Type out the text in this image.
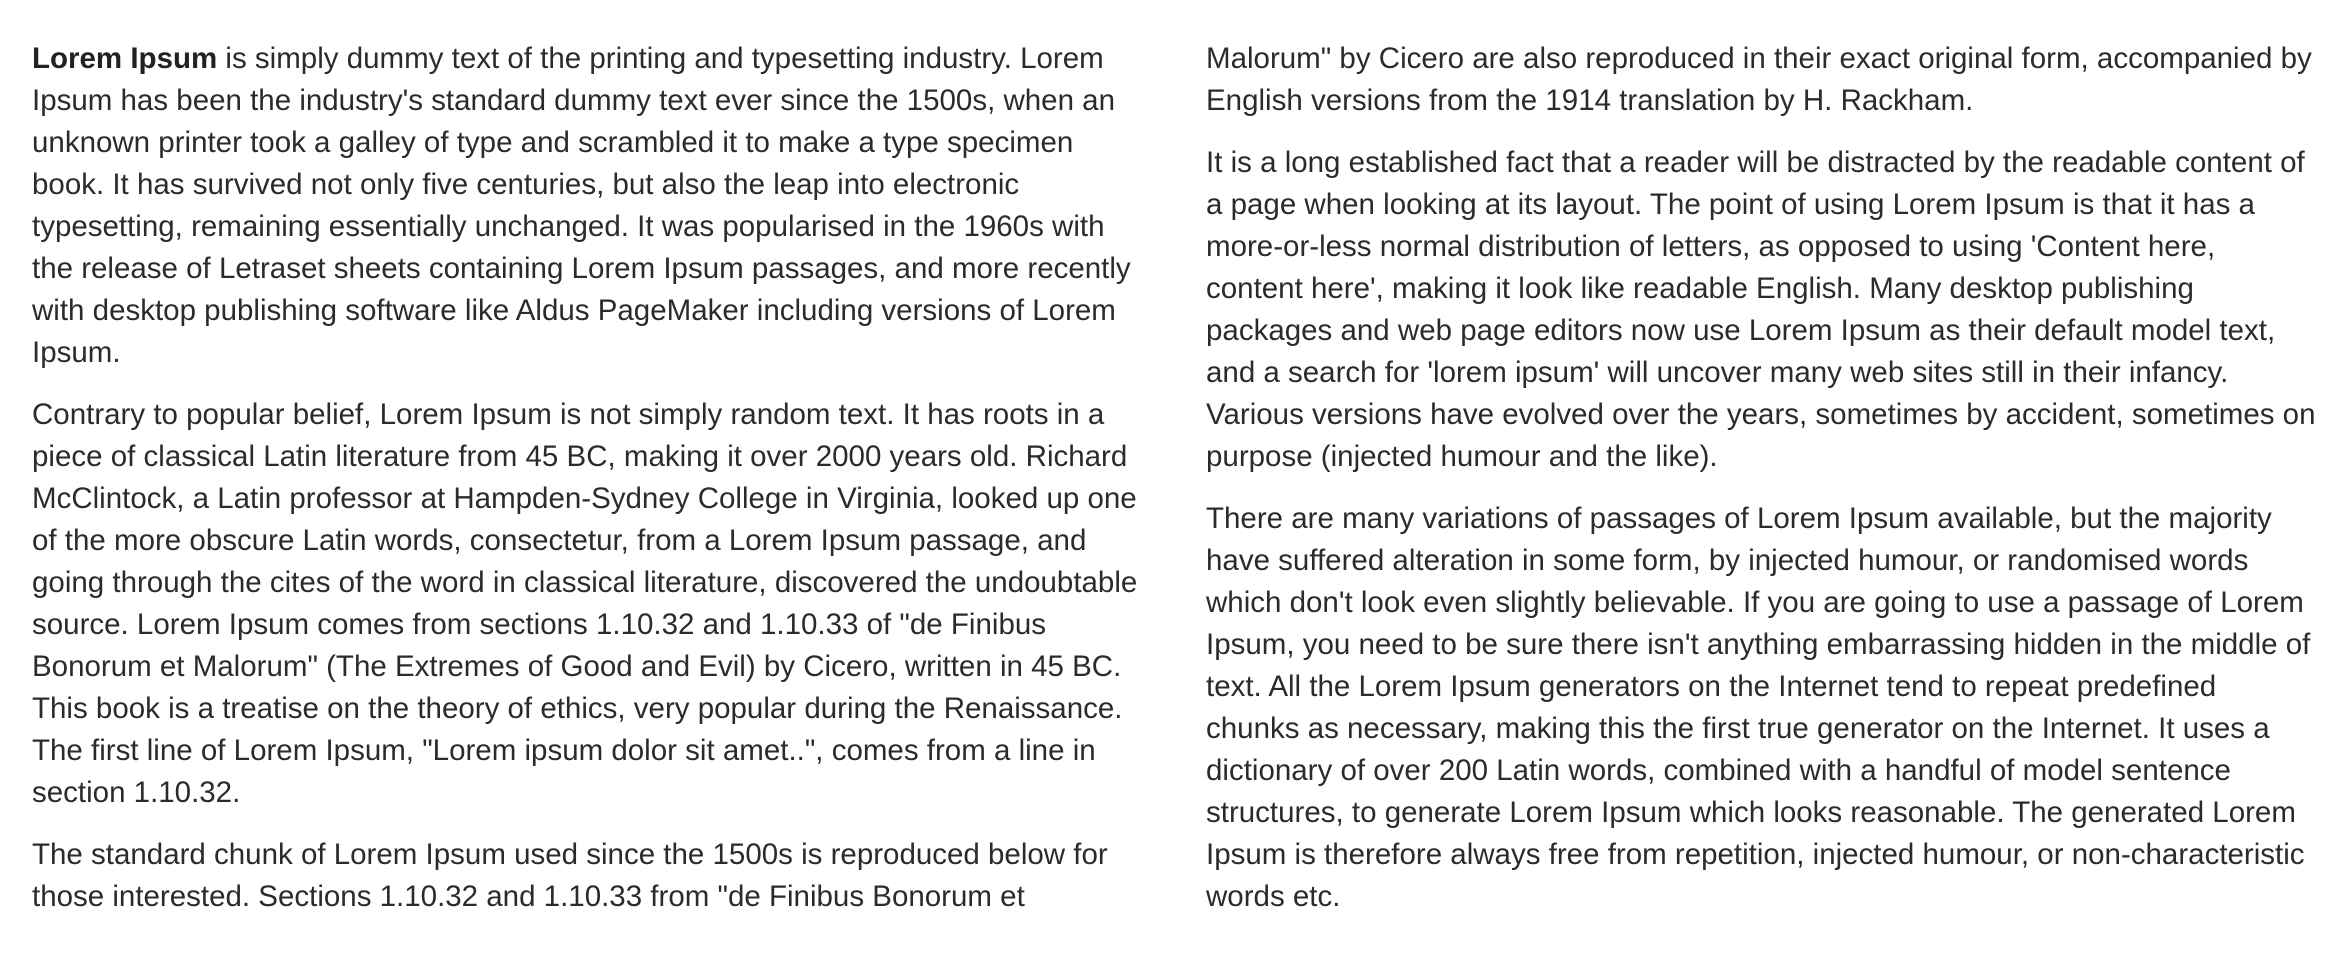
Lorem Ipsum is simply dummy text of the printing and typesetting industry. Lorem Ipsum has been the industry's standard dummy text ever since the 1500s, when an unknown printer took a galley of type and scrambled it to make a type specimen book. It has survived not only five centuries, but also the leap into electronic typesetting, remaining essentially unchanged. It was popularised in the 1960s with the release of Letraset sheets containing Lorem Ipsum passages, and more recently with desktop publishing software like Aldus PageMaker including versions of Lorem Ipsum.

Contrary to popular belief, Lorem Ipsum is not simply random text. It has roots in a piece of classical Latin literature from 45 BC, making it over 2000 years old. Richard McClintock, a Latin professor at Hampden-Sydney College in Virginia, looked up one of the more obscure Latin words, consectetur, from a Lorem Ipsum passage, and going through the cites of the word in classical literature, discovered the undoubtable source. Lorem Ipsum comes from sections 1.10.32 and 1.10.33 of "de Finibus Bonorum et Malorum" (The Extremes of Good and Evil) by Cicero, written in 45 BC. This book is a treatise on the theory of ethics, very popular during the Renaissance. The first line of Lorem Ipsum, "Lorem ipsum dolor sit amet..", comes from a line in section 1.10.32.

The standard chunk of Lorem Ipsum used since the 1500s is reproduced below for those interested. Sections 1.10.32 and 1.10.33 from "de Finibus Bonorum et Malorum" by Cicero are also reproduced in their exact original form, accompanied by English versions from the 1914 translation by H. Rackham.

It is a long established fact that a reader will be distracted by the readable content of a page when looking at its layout. The point of using Lorem Ipsum is that it has a more-or-less normal distribution of letters, as opposed to using 'Content here, content here', making it look like readable English. Many desktop publishing packages and web page editors now use Lorem Ipsum as their default model text, and a search for 'lorem ipsum' will uncover many web sites still in their infancy. Various versions have evolved over the years, sometimes by accident, sometimes on purpose (injected humour and the like).

There are many variations of passages of Lorem Ipsum available, but the majority have suffered alteration in some form, by injected humour, or randomised words which don't look even slightly believable. If you are going to use a passage of Lorem Ipsum, you need to be sure there isn't anything embarrassing hidden in the middle of text. All the Lorem Ipsum generators on the Internet tend to repeat predefined chunks as necessary, making this the first true generator on the Internet. It uses a dictionary of over 200 Latin words, combined with a handful of model sentence structures, to generate Lorem Ipsum which looks reasonable. The generated Lorem Ipsum is therefore always free from repetition, injected humour, or non-characteristic words etc.
